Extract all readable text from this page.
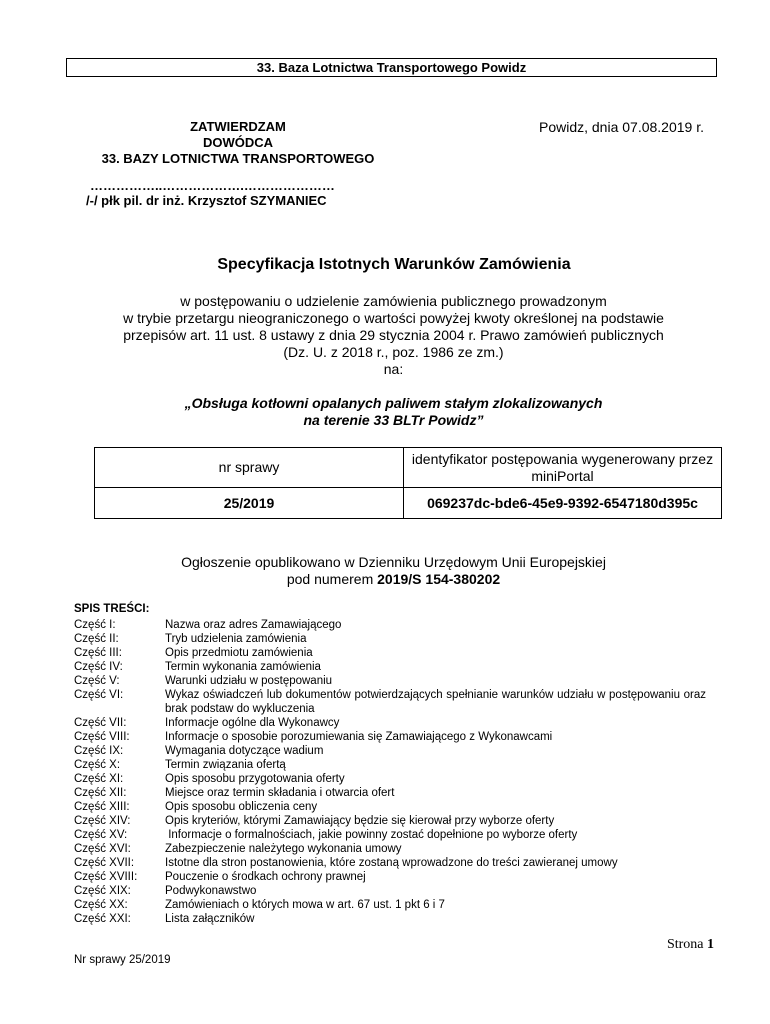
33. Baza Lotnictwa Transportowego Powidz
ZATWIERDZAM
DOWÓDCA
33. BAZY LOTNICTWA TRANSPORTOWEGO
Powidz, dnia 07.08.2019 r.
……………..……………….…………………
/-/ płk pil. dr inż. Krzysztof SZYMANIEC
Specyfikacja Istotnych Warunków Zamówienia
w postępowaniu o udzielenie zamówienia publicznego prowadzonym
w trybie przetargu nieograniczonego o wartości powyżej kwoty określonej na podstawie
przepisów art. 11 ust. 8 ustawy z dnia 29 stycznia 2004 r. Prawo zamówień publicznych
(Dz. U. z 2018 r., poz. 1986 ze zm.)
na:
„Obsługa kotłowni opalanych paliwem stałym zlokalizowanych
na terenie 33 BLTr Powidz”
nr sprawy	identyfikator postępowania wygenerowany przez miniPortal
25/2019	069237dc-bde6-45e9-9392-6547180d395c
Ogłoszenie opublikowano w Dzienniku Urzędowym Unii Europejskiej
pod numerem 2019/S 154-380202
SPIS TREŚCI:
Część I:	Nazwa oraz adres Zamawiającego
Część II:	Tryb udzielenia zamówienia
Część III:	Opis przedmiotu zamówienia
Część IV:	Termin wykonania zamówienia
Część V:	Warunki udziału w postępowaniu
Część VI:	Wykaz oświadczeń lub dokumentów potwierdzających spełnianie warunków udziału w postępowaniu oraz brak podstaw do wykluczenia
Część VII:	Informacje ogólne dla Wykonawcy
Część VIII:	Informacje o sposobie porozumiewania się Zamawiającego z Wykonawcami
Część IX:	Wymagania dotyczące wadium
Część X:	Termin związania ofertą
Część XI:	Opis sposobu przygotowania oferty
Część XII:	Miejsce oraz termin składania i otwarcia ofert
Część XIII:	Opis sposobu obliczenia ceny
Część XIV:	Opis kryteriów, którymi Zamawiający będzie się kierował przy wyborze oferty
Część XV:	Informacje o formalnościach, jakie powinny zostać dopełnione po wyborze oferty
Część XVI:	Zabezpieczenie należytego wykonania umowy
Część XVII:	Istotne dla stron postanowienia, które zostaną wprowadzone do treści zawieranej umowy
Część XVIII:	Pouczenie o środkach ochrony prawnej
Część XIX:	Podwykonawstwo
Część XX:	Zamówieniach o których mowa w art. 67 ust. 1 pkt 6 i 7
Część XXI:	Lista załączników
Strona 1
Nr sprawy 25/2019
